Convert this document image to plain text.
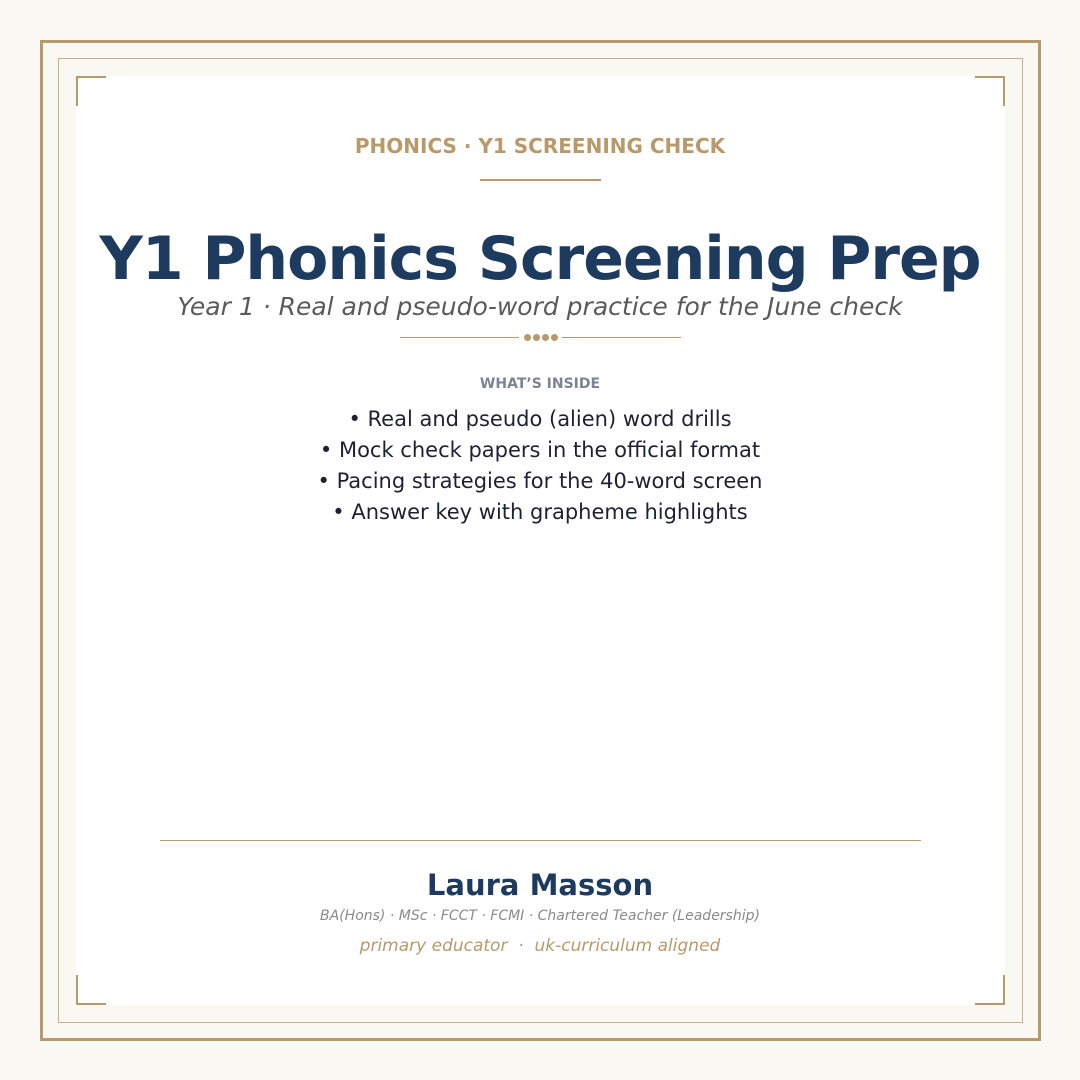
PHONICS · Y1 SCREENING CHECK
Y1 Phonics Screening Prep
Year 1 · Real and pseudo-word practice for the June check
WHAT’S INSIDE
• Real and pseudo (alien) word drills
• Mock check papers in the official format
• Pacing strategies for the 40-word screen
• Answer key with grapheme highlights
Laura Masson
BA(Hons) · MSc · FCCT · FCMI · Chartered Teacher (Leadership)
primary educator  ·  uk-curriculum aligned
